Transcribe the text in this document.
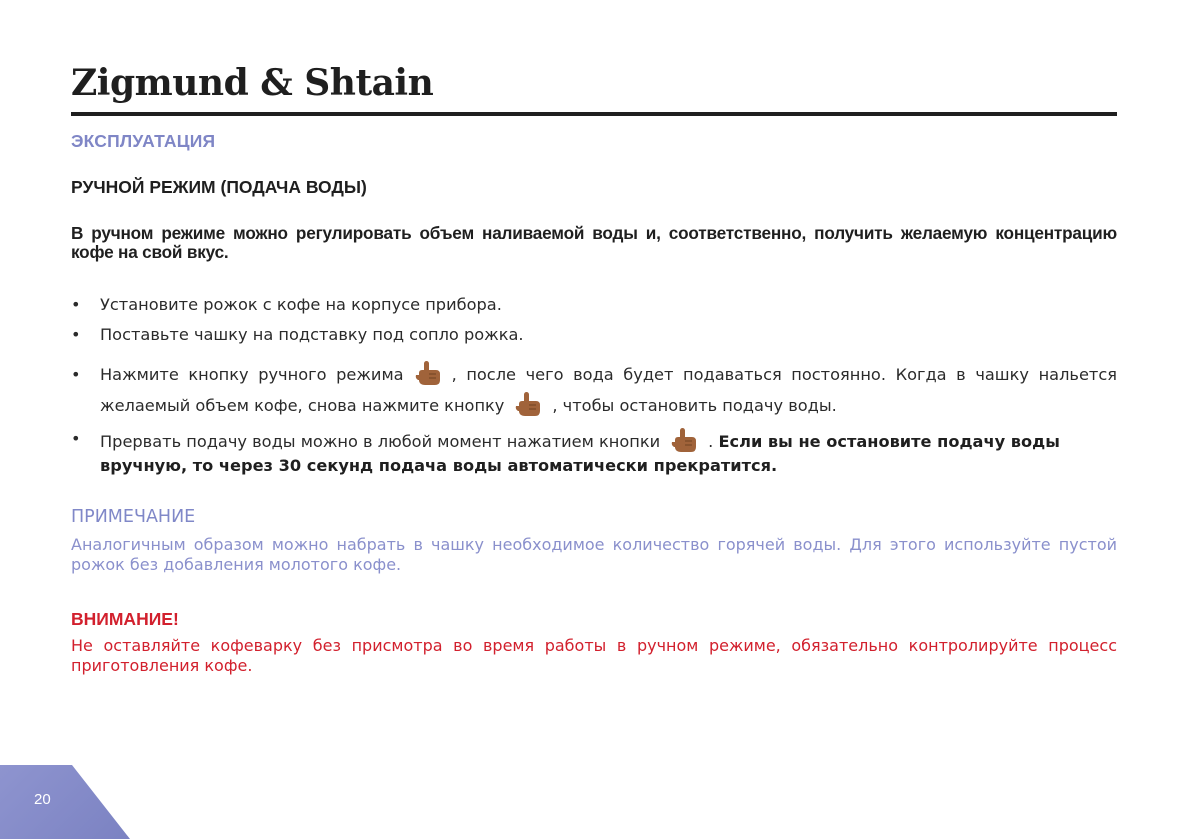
Zigmund & Shtain
ЭКСПЛУАТАЦИЯ
РУЧНОЙ РЕЖИМ (ПОДАЧА ВОДЫ)
В ручном режиме можно регулировать объем наливаемой воды и, соответственно, получить желаемую концентрацию кофе на свой вкус.
• Установите рожок с кофе на корпусе прибора.
• Поставьте чашку на подставку под сопло рожка.
• Нажмите кнопку ручного режима	, после чего вода будет подаваться постоянно. Когда в чашку нальется желаемый объем кофе, снова нажмите кнопку	, чтобы остановить подачу воды.
• Прервать подачу воды можно в любой момент нажатием кнопки	. Если вы не остановите подачу воды вручную, то через 30 секунд подача воды автоматически прекратится.
ПРИМЕЧАНИЕ
Аналогичным образом можно набрать в чашку необходимое количество горячей воды. Для этого используйте пустой рожок без добавления молотого кофе.
ВНИМАНИЕ!
Не оставляйте кофеварку без присмотра во время работы в ручном режиме, обязательно контролируйте процесс приготовления кофе.
20
